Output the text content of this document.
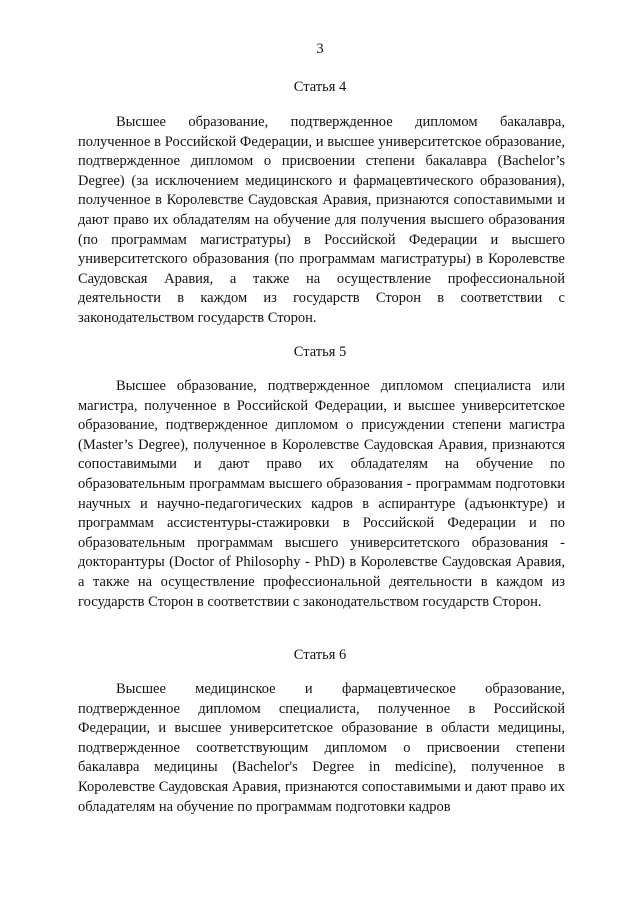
3
Статья 4
Высшее образование, подтвержденное дипломом бакалавра, полученное в Российской Федерации, и высшее университетское образование, подтвержденное дипломом о присвоении степени бакалавра (Bachelor’s Degree) (за исключением медицинского и фармацевтического образования), полученное в Королевстве Саудовская Аравия, признаются сопоставимыми и дают право их обладателям на обучение для получения высшего образования (по программам магистратуры) в Российской Федерации и высшего университетского образования (по программам магистратуры) в Королевстве Саудовская Аравия, а также на осуществление профессиональной деятельности в каждом из государств Сторон в соответствии с законодательством государств Сторон.
Статья 5
Высшее образование, подтвержденное дипломом специалиста или магистра, полученное в Российской Федерации, и высшее университетское образование, подтвержденное дипломом о присуждении степени магистра (Master’s Degree), полученное в Королевстве Саудовская Аравия, признаются сопоставимыми и дают право их обладателям на обучение по образовательным программам высшего образования - программам подготовки научных и научно-педагогических кадров в аспирантуре (адъюнктуре) и программам ассистентуры-стажировки в Российской Федерации и по образовательным программам высшего университетского образования - докторантуры (Doctor of Philosophy - PhD) в Королевстве Саудовская Аравия, а также на осуществление профессиональной деятельности в каждом из государств Сторон в соответствии с законодательством государств Сторон.
Статья 6
Высшее медицинское и фармацевтическое образование, подтвержденное дипломом специалиста, полученное в Российской Федерации, и высшее университетское образование в области медицины, подтвержденное соответствующим дипломом о присвоении степени бакалавра медицины (Bachelor's Degree in medicine), полученное в Королевстве Саудовская Аравия, признаются сопоставимыми и дают право их обладателям на обучение по программам подготовки кадров
